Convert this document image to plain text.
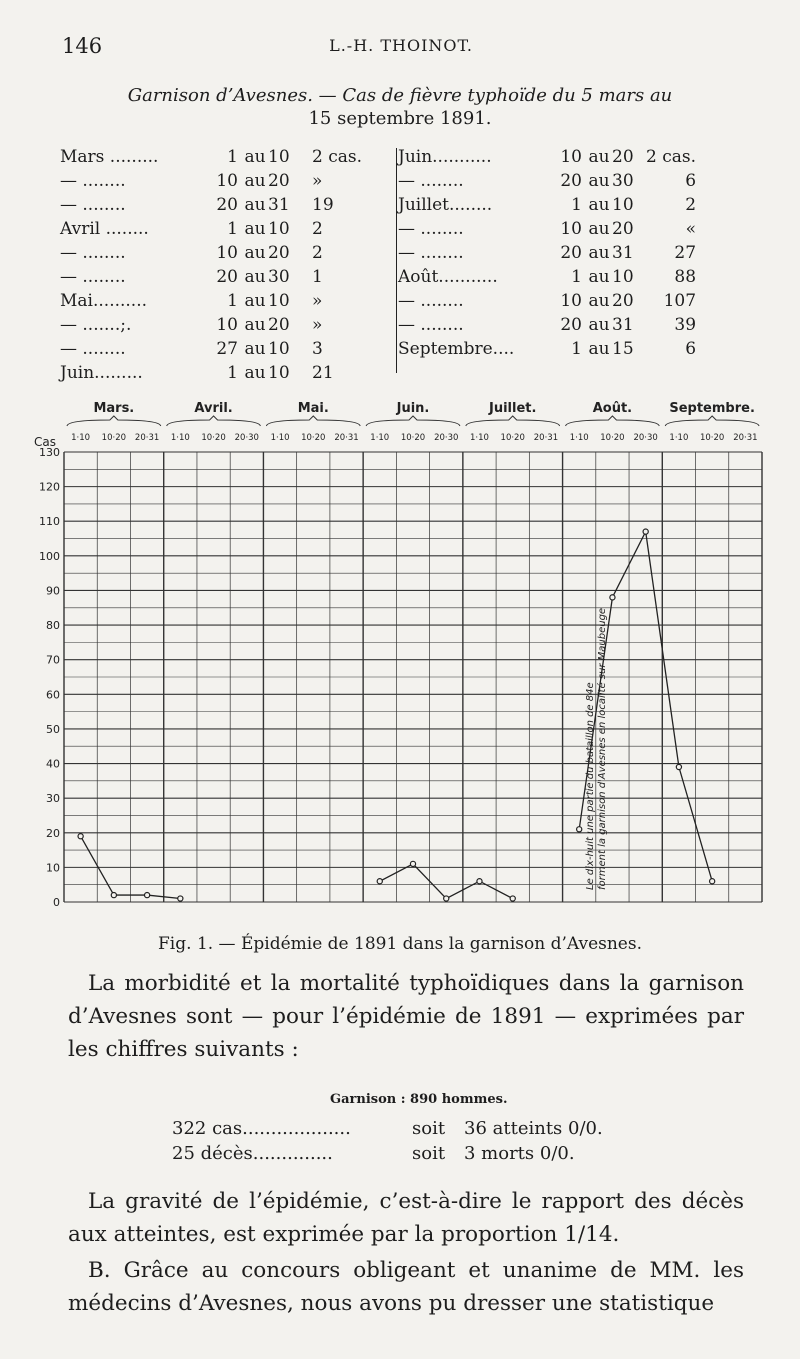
146	L.-H. THOINOT.
Garnison d’Avesnes. — Cas de fièvre typhoïde du 5 mars au
15 septembre 1891.
Mars .........	1	au	10	2 cas.
— ........	10	au	20	»
— ........	20	au	31	19
Avril ........	1	au	10	2
— ........	10	au	20	2
— ........	20	au	30	1
Mai..........	1	au	10	»
— .......;.	10	au	20	»
— ........	27	au	10	3
Juin.........	1	au	10	21
Juin...........	10	au	20	2 cas.
— ........	20	au	30	6
Juillet........	1	au	10	2
— ........	10	au	20	«
— ........	20	au	31	27
Août...........	1	au	10	88
— ........	10	au	20	107
— ........	20	au	31	39
Septembre....	1	au	15	6
0
10
20
30
40
50
60
70
80
90
100
110
120
130
Cas
Mars.	Avril.	Mai.	Juin.	Juillet.	Août.	Septembre.
1·10 10·20 20·31 1·10 10·20 20·30 1·10 10·20 20·31 1·10 10·20 20·30 1·10 10·20 20·31 1·10 10·20 20·30 1·10 10·20 20·31
Le dix-huit une partie du bataillon de 84e forment la garnison d'Avesnes en localité sur Maubeuge
Fig. 1. — Épidémie de 1891 dans la garnison d’Avesnes.
La morbidité et la mortalité typhoïdiques dans la garnison d’Avesnes sont — pour l’épidémie de 1891 — exprimées par les chiffres suivants :
Garnison : 890 hommes.
322 cas...................	soit	36 atteints 0/0.
25 décès..............	soit	3 morts 0/0.
La gravité de l’épidémie, c’est-à-dire le rapport des décès aux atteintes, est exprimée par la proportion 1/14.
B. Grâce au concours obligeant et unanime de MM. les médecins d’Avesnes, nous avons pu dresser une statistique
